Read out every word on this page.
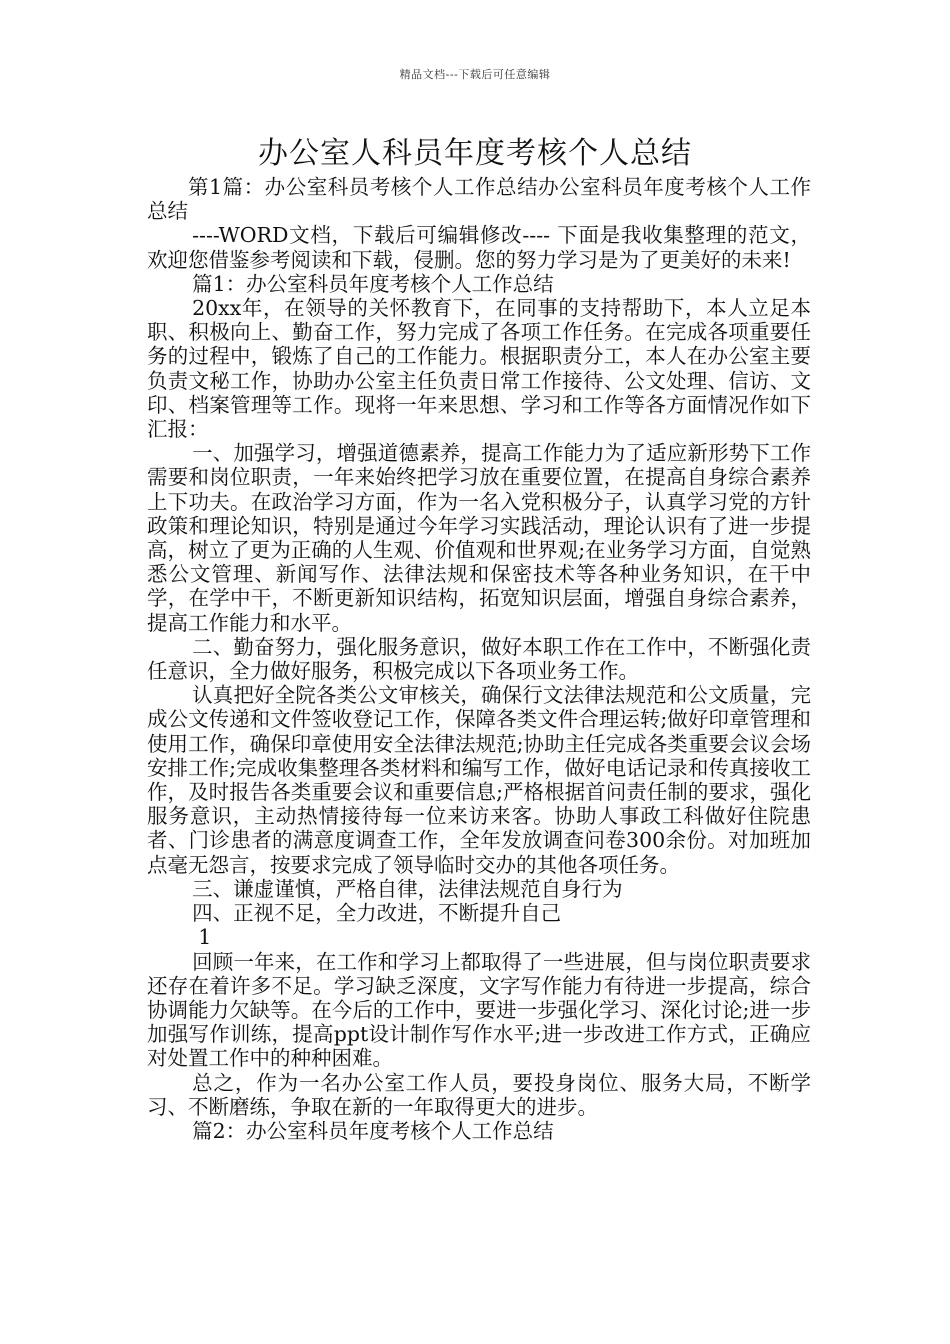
精品文档---下载后可任意编辑
办公室人科员年度考核个人总结

第1篇：办公室科员考核个人工作总结办公室科员年度考核个人工作总结

----WORD文档，下载后可编辑修改---- 下面是我收集整理的范文，欢迎您借鉴参考阅读和下载，侵删。您的努力学习是为了更美好的未来!

篇1：办公室科员年度考核个人工作总结

20xx年，在领导的关怀教育下，在同事的支持帮助下，本人立足本职、积极向上、勤奋工作，努力完成了各项工作任务。在完成各项重要任务的过程中，锻炼了自己的工作能力。根据职责分工，本人在办公室主要负责文秘工作，协助办公室主任负责日常工作接待、公文处理、信访、文印、档案管理等工作。现将一年来思想、学习和工作等各方面情况作如下汇报：

一、加强学习，增强道德素养，提高工作能力为了适应新形势下工作需要和岗位职责，一年来始终把学习放在重要位置，在提高自身综合素养上下功夫。在政治学习方面，作为一名入党积极分子，认真学习党的方针政策和理论知识，特别是通过今年学习实践活动，理论认识有了进一步提高，树立了更为正确的人生观、价值观和世界观;在业务学习方面，自觉熟悉公文管理、新闻写作、法律法规和保密技术等各种业务知识，在干中学，在学中干，不断更新知识结构，拓宽知识层面，增强自身综合素养，提高工作能力和水平。

二、勤奋努力，强化服务意识，做好本职工作在工作中，不断强化责任意识，全力做好服务，积极完成以下各项业务工作。

认真把好全院各类公文审核关，确保行文法律法规范和公文质量，完成公文传递和文件签收登记工作，保障各类文件合理运转;做好印章管理和使用工作，确保印章使用安全法律法规范;协助主任完成各类重要会议会场安排工作;完成收集整理各类材料和编写工作，做好电话记录和传真接收工作，及时报告各类重要会议和重要信息;严格根据首问责任制的要求，强化服务意识，主动热情接待每一位来访来客。协助人事政工科做好住院患者、门诊患者的满意度调查工作，全年发放调查问卷300余份。对加班加点毫无怨言，按要求完成了领导临时交办的其他各项任务。

三、谦虚谨慎，严格自律，法律法规范自身行为

四、正视不足，全力改进，不断提升自己

1

回顾一年来，在工作和学习上都取得了一些进展，但与岗位职责要求还存在着许多不足。学习缺乏深度，文字写作能力有待进一步提高，综合协调能力欠缺等。在今后的工作中，要进一步强化学习、深化讨论;进一步加强写作训练，提高ppt设计制作写作水平;进一步改进工作方式，正确应对处置工作中的种种困难。

总之，作为一名办公室工作人员，要投身岗位、服务大局，不断学习、不断磨练，争取在新的一年取得更大的进步。

篇2：办公室科员年度考核个人工作总结
